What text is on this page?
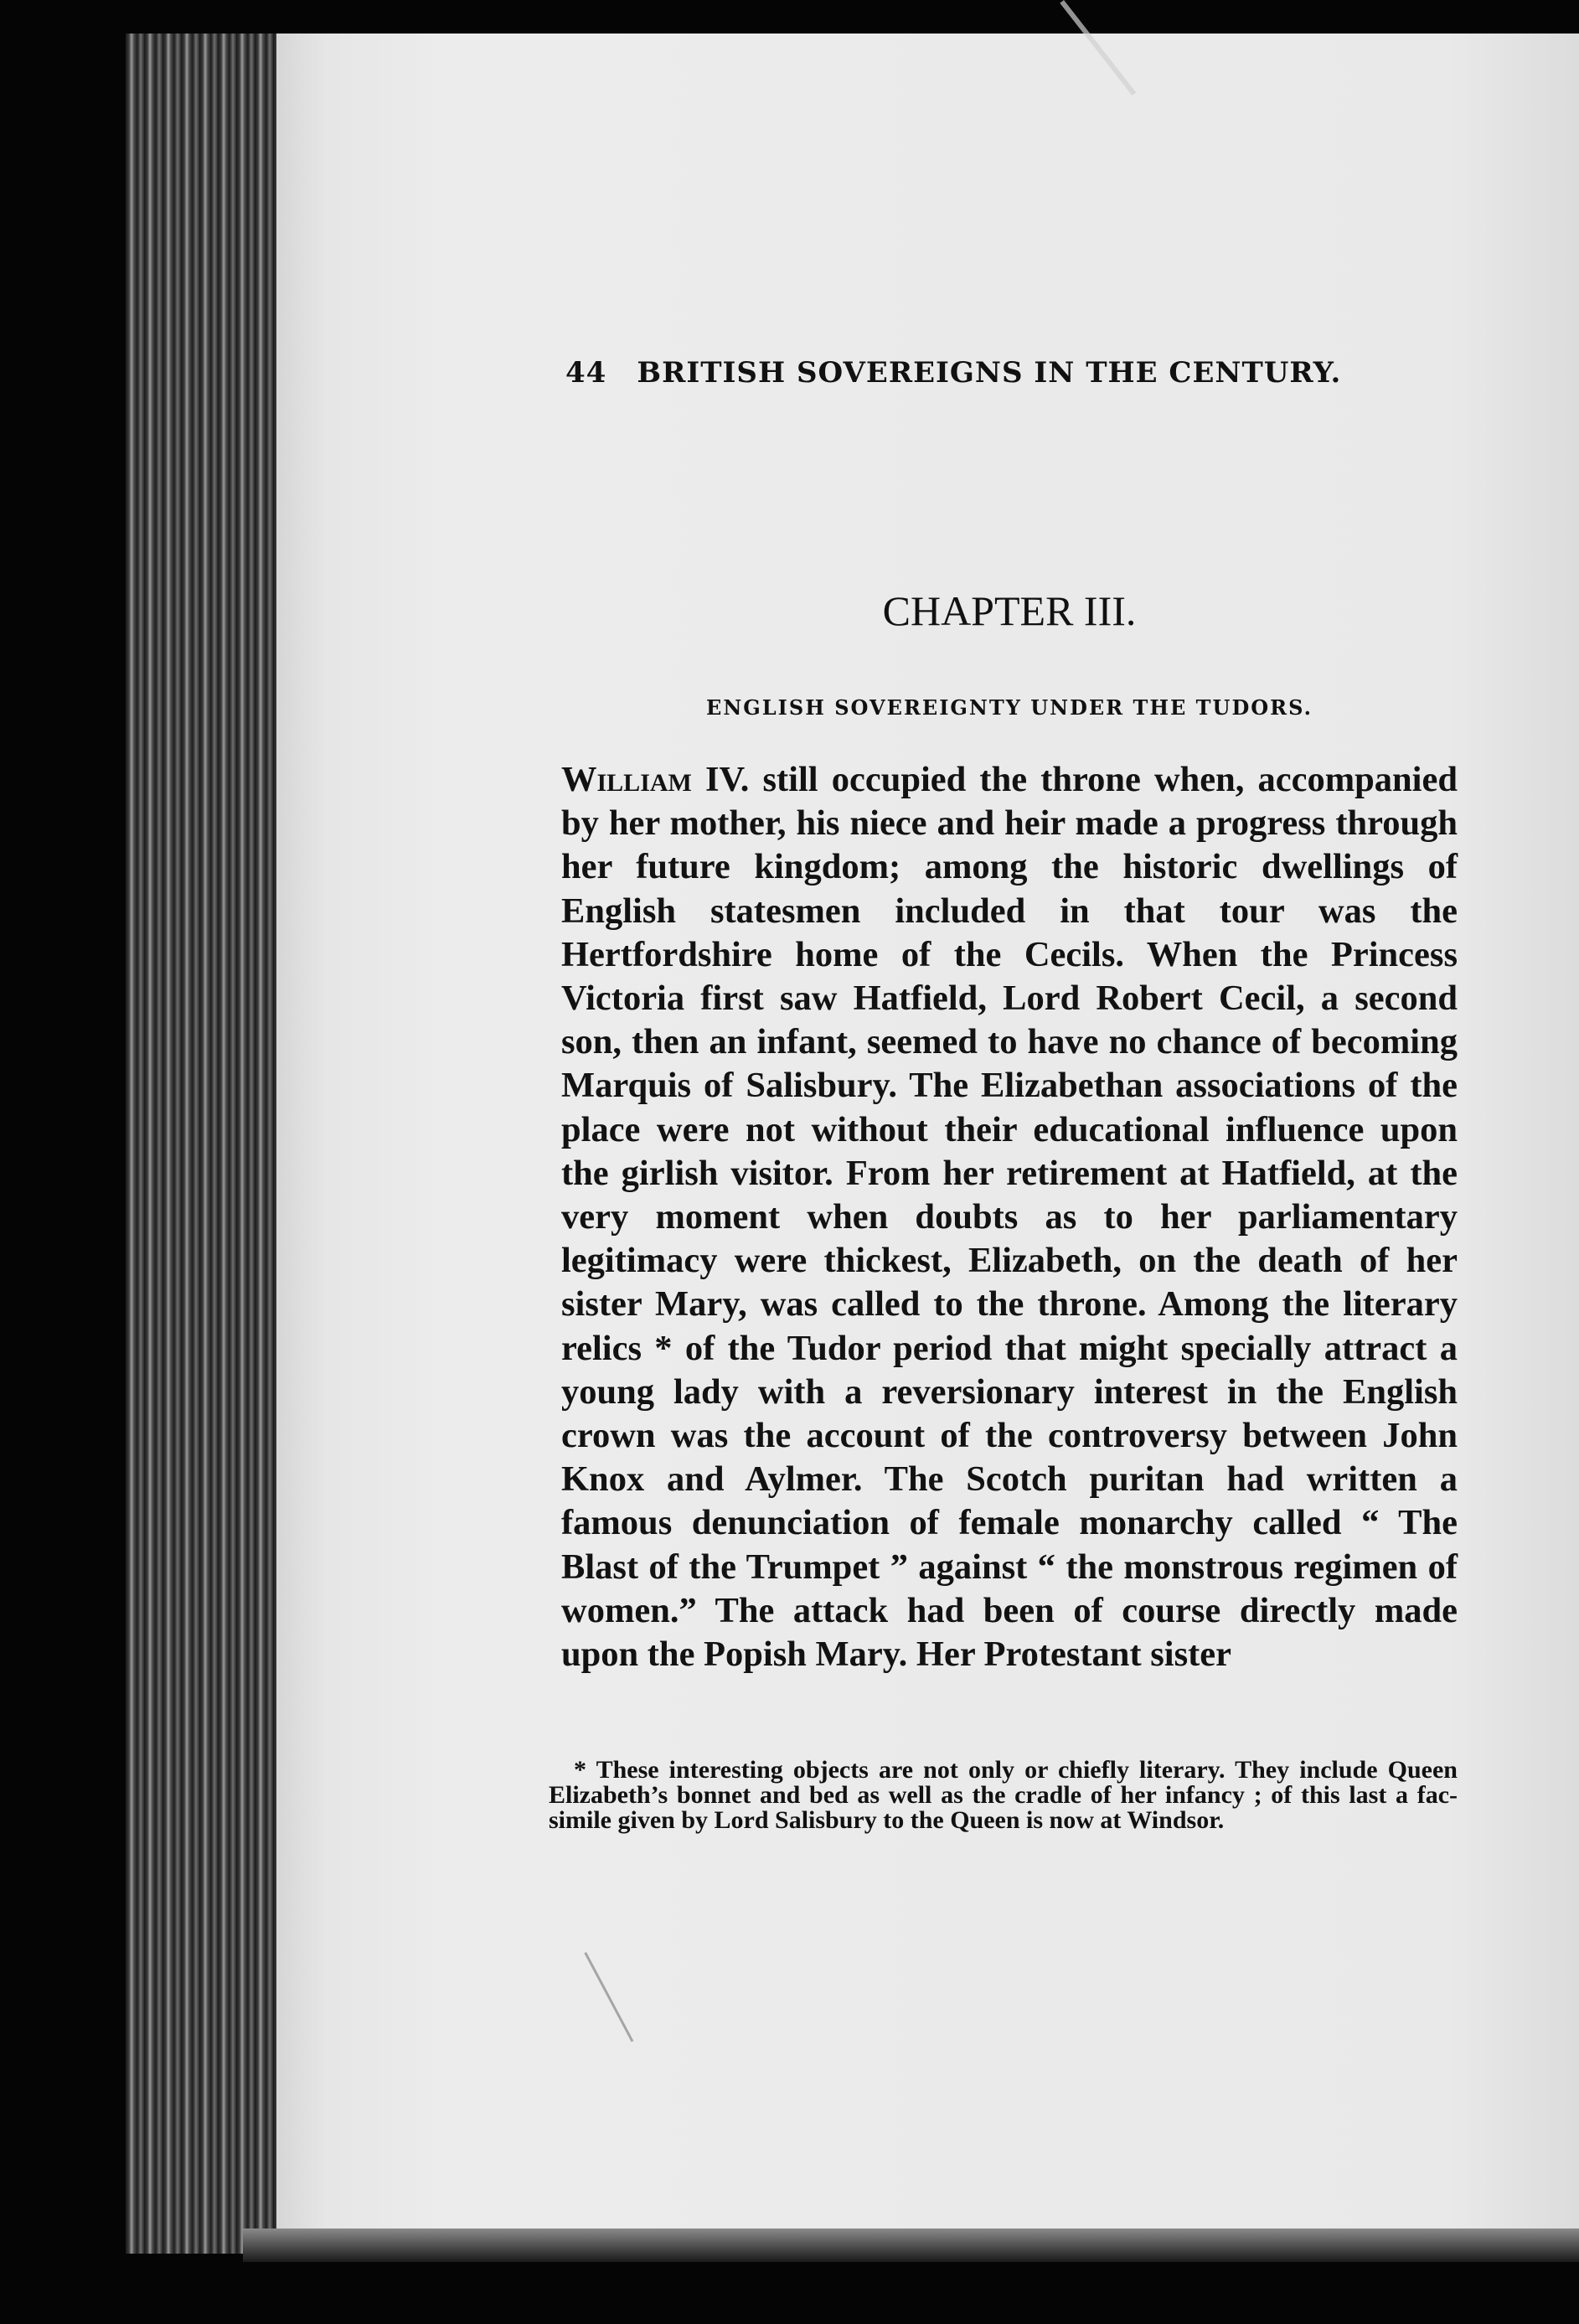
44 BRITISH SOVEREIGNS IN THE CENTURY.
CHAPTER III.
ENGLISH SOVEREIGNTY UNDER THE TUDORS.

William IV. still occupied the throne when, accompanied by her mother, his niece and heir made a progress through her future kingdom; among the historic dwellings of English statesmen included in that tour was the Hertfordshire home of the Cecils. When the Princess Victoria first saw Hatfield, Lord Robert Cecil, a second son, then an infant, seemed to have no chance of becoming Marquis of Salisbury. The Elizabethan associations of the place were not without their educational influence upon the girlish visitor. From her retirement at Hatfield, at the very moment when doubts as to her parliamentary legitimacy were thickest, Elizabeth, on the death of her sister Mary, was called to the throne. Among the literary relics * of the Tudor period that might specially attract a young lady with a reversionary interest in the English crown was the account of the controversy between John Knox and Aylmer. The Scotch puritan had written a famous denunciation of female monarchy called “ The Blast of the Trumpet ” against “ the monstrous regimen of women.” The attack had been of course directly made upon the Popish Mary. Her Protestant sister

* These interesting objects are not only or chiefly literary. They include Queen Elizabeth’s bonnet and bed as well as the cradle of her infancy ; of this last a fac-simile given by Lord Salisbury to the Queen is now at Windsor.
